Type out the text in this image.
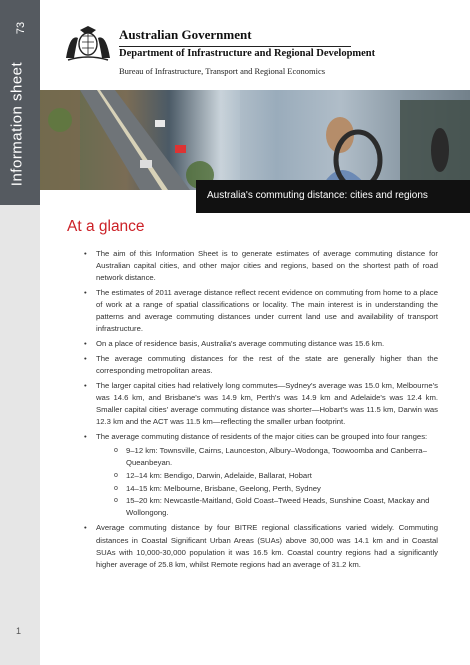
73
Information sheet
1
Australian Government
Department of Infrastructure and Regional Development
Bureau of Infrastructure, Transport and Regional Economics
Australia's commuting distance: cities and regions
At a glance
• The aim of this Information Sheet is to generate estimates of average commuting distance for Australian capital cities, and other major cities and regions, based on the shortest path of road network distance.
• The estimates of 2011 average distance reflect recent evidence on commuting from home to a place of work at a range of spatial classifications or locality. The main interest is in understanding the patterns and average commuting distances under current land use and availability of transport infrastructure.
• On a place of residence basis, Australia's average commuting distance was 15.6 km.
• The average commuting distances for the rest of the state are generally higher than the corresponding metropolitan areas.
• The larger capital cities had relatively long commutes—Sydney's average was 15.0 km, Melbourne's was 14.6 km, and Brisbane's was 14.9 km, Perth's was 14.9 km and Adelaide's was 12.4 km. Smaller capital cities' average commuting distance was shorter—Hobart's was 11.5 km, Darwin was 12.3 km and the ACT was 11.5 km—reflecting the smaller urban footprint.
• The average commuting distance of residents of the major cities can be grouped into four ranges:
o 9–12 km: Townsville, Cairns, Launceston, Albury–Wodonga, Toowoomba and Canberra–Queanbeyan.
o 12–14 km: Bendigo, Darwin, Adelaide, Ballarat, Hobart
o 14–15 km: Melbourne, Brisbane, Geelong, Perth, Sydney
o 15–20 km: Newcastle-Maitland, Gold Coast–Tweed Heads, Sunshine Coast, Mackay and Wollongong.
• Average commuting distance by four BITRE regional classifications varied widely. Commuting distances in Coastal Significant Urban Areas (SUAs) above 30,000 was 14.1 km and in Coastal SUAs with 10,000-30,000 population it was 16.5 km. Coastal country regions had a significantly higher average of 25.8 km, whilst Remote regions had an average of 31.2 km.
